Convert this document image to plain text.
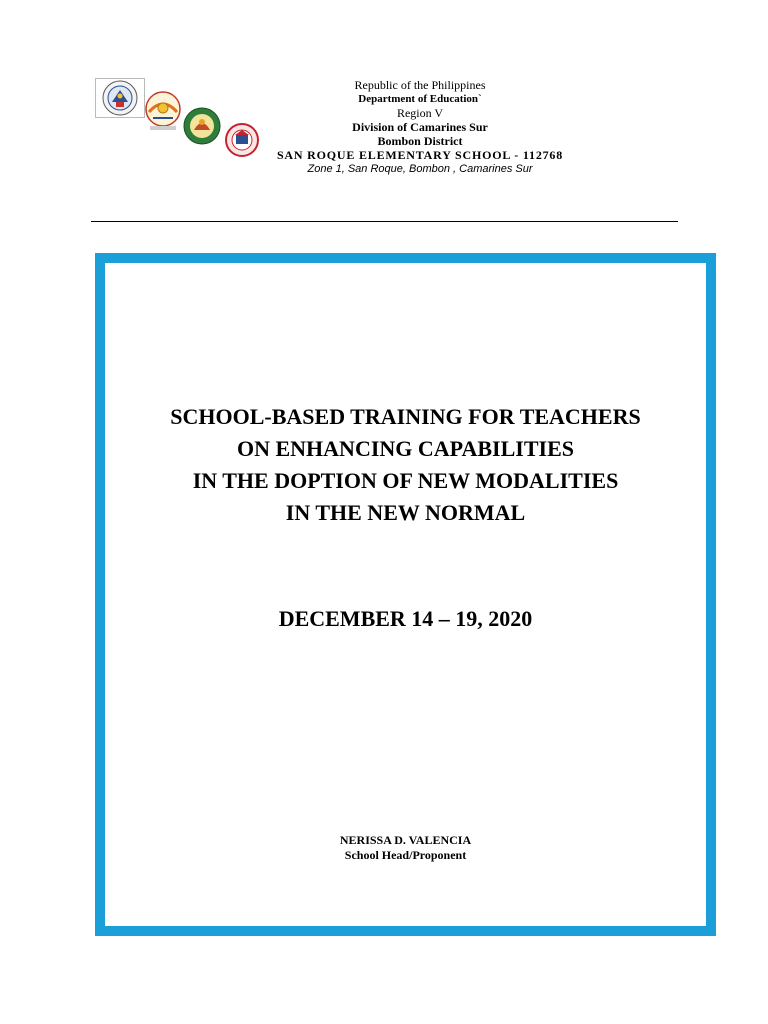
Republic of the Philippines
Department of Education`
Region V
Division of Camarines Sur
Bombon District
SAN ROQUE ELEMENTARY SCHOOL - 112768
Zone 1, San Roque, Bombon , Camarines Sur
SCHOOL-BASED TRAINING FOR TEACHERS
ON ENHANCING CAPABILITIES
IN THE DOPTION OF NEW MODALITIES
IN THE NEW NORMAL
DECEMBER 14 – 19, 2020
NERISSA D. VALENCIA
School Head/Proponent
